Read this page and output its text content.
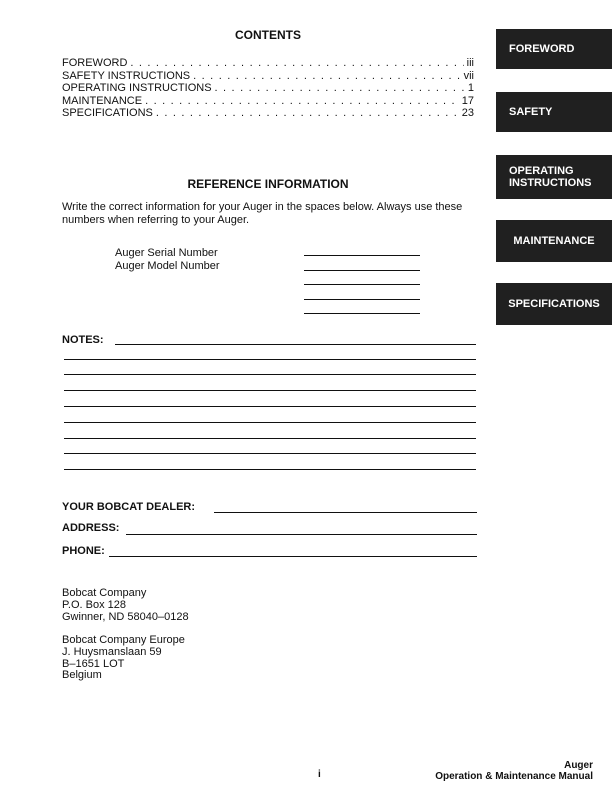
CONTENTS
FOREWORD . . .	iii
SAFETY INSTRUCTIONS . . .	vii
OPERATING INSTRUCTIONS . . .	1
MAINTENANCE . . .	17
SPECIFICATIONS . . .	23
REFERENCE INFORMATION
Write the correct information for your Auger in the spaces below. Always use these numbers when referring to your Auger.
Auger Serial Number
Auger Model Number
NOTES:
YOUR BOBCAT DEALER:
ADDRESS:
PHONE:
Bobcat Company
P.O. Box 128
Gwinner, ND 58040–0128
Bobcat Company Europe
J. Huysmanslaan 59
B–1651 LOT
Belgium
FOREWORD
SAFETY
OPERATING
INSTRUCTIONS
MAINTENANCE
SPECIFICATIONS
i
Auger
Operation & Maintenance Manual
